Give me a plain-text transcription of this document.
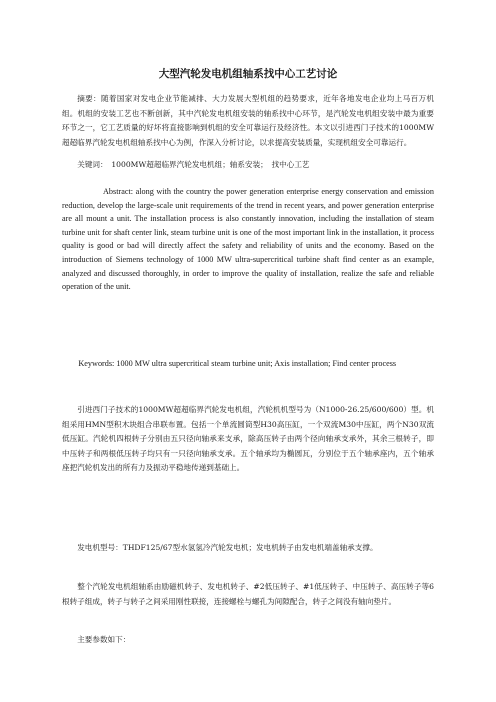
大型汽轮发电机组轴系找中心工艺讨论
摘要：随着国家对发电企业节能减排、大力发展大型机组的趋势要求，近年各地发电企业均上马百万机组。机组的安装工艺也不断创新，其中汽轮发电机组安装的轴系找中心环节，是汽轮发电机组安装中最为重要环节之一，它工艺质量的好坏将直接影响到机组的安全可靠运行及经济性。本文以引进西门子技术的1000MW超超临界汽轮发电机组轴系找中心为例，作深入分析讨论，以求提高安装质量，实现机组安全可靠运行。
关键词：　1000MW超超临界汽轮发电机组；轴系安装；　找中心工艺
Abstract: along with the country the power generation enterprise energy conservation and emission reduction, develop the large-scale unit requirements of the trend in recent years, and power generation enterprise are all mount a unit. The installation process is also constantly innovation, including the installation of steam turbine unit for shaft center link, steam turbine unit is one of the most important link in the installation, it process quality is good or bad will directly affect the safety and reliability of units and the economy. Based on the introduction of Siemens technology of 1000 MW ultra-supercritical turbine shaft find center as an example, analyzed and discussed thoroughly, in order to improve the quality of installation, realize the safe and reliable operation of the unit.
Keywords: 1000 MW ultra supercritical steam turbine unit; Axis installation; Find center process
引进西门子技术的1000MW超超临界汽轮发电机组，汽轮机机型号为（N1000-26.25/600/600）型。机组采用HMN型积木块组合串联布置。包括一个单流圆筒型H30高压缸，一个双流M30中压缸，两个N30双流低压缸。汽轮机四根转子分别由五只径向轴承来支承，除高压转子由两个径向轴承支承外，其余三根转子，即中压转子和两根低压转子均只有一只径向轴承支承。五个轴承均为椭圆瓦，分别位于五个轴承座内，五个轴承座把汽轮机发出的所有力及振动平稳地传递到基础上。
发电机型号：THDF125/67型水氢氢冷汽轮发电机；发电机转子由发电机端盖轴承支撑。
整个汽轮发电机组轴系由励磁机转子、发电机转子、#2低压转子、#1低压转子、中压转子、高压转子等6根转子组成，转子与转子之间采用刚性联接，连接螺栓与螺孔为间隙配合，转子之间没有轴向垫片。
主要参数如下：
